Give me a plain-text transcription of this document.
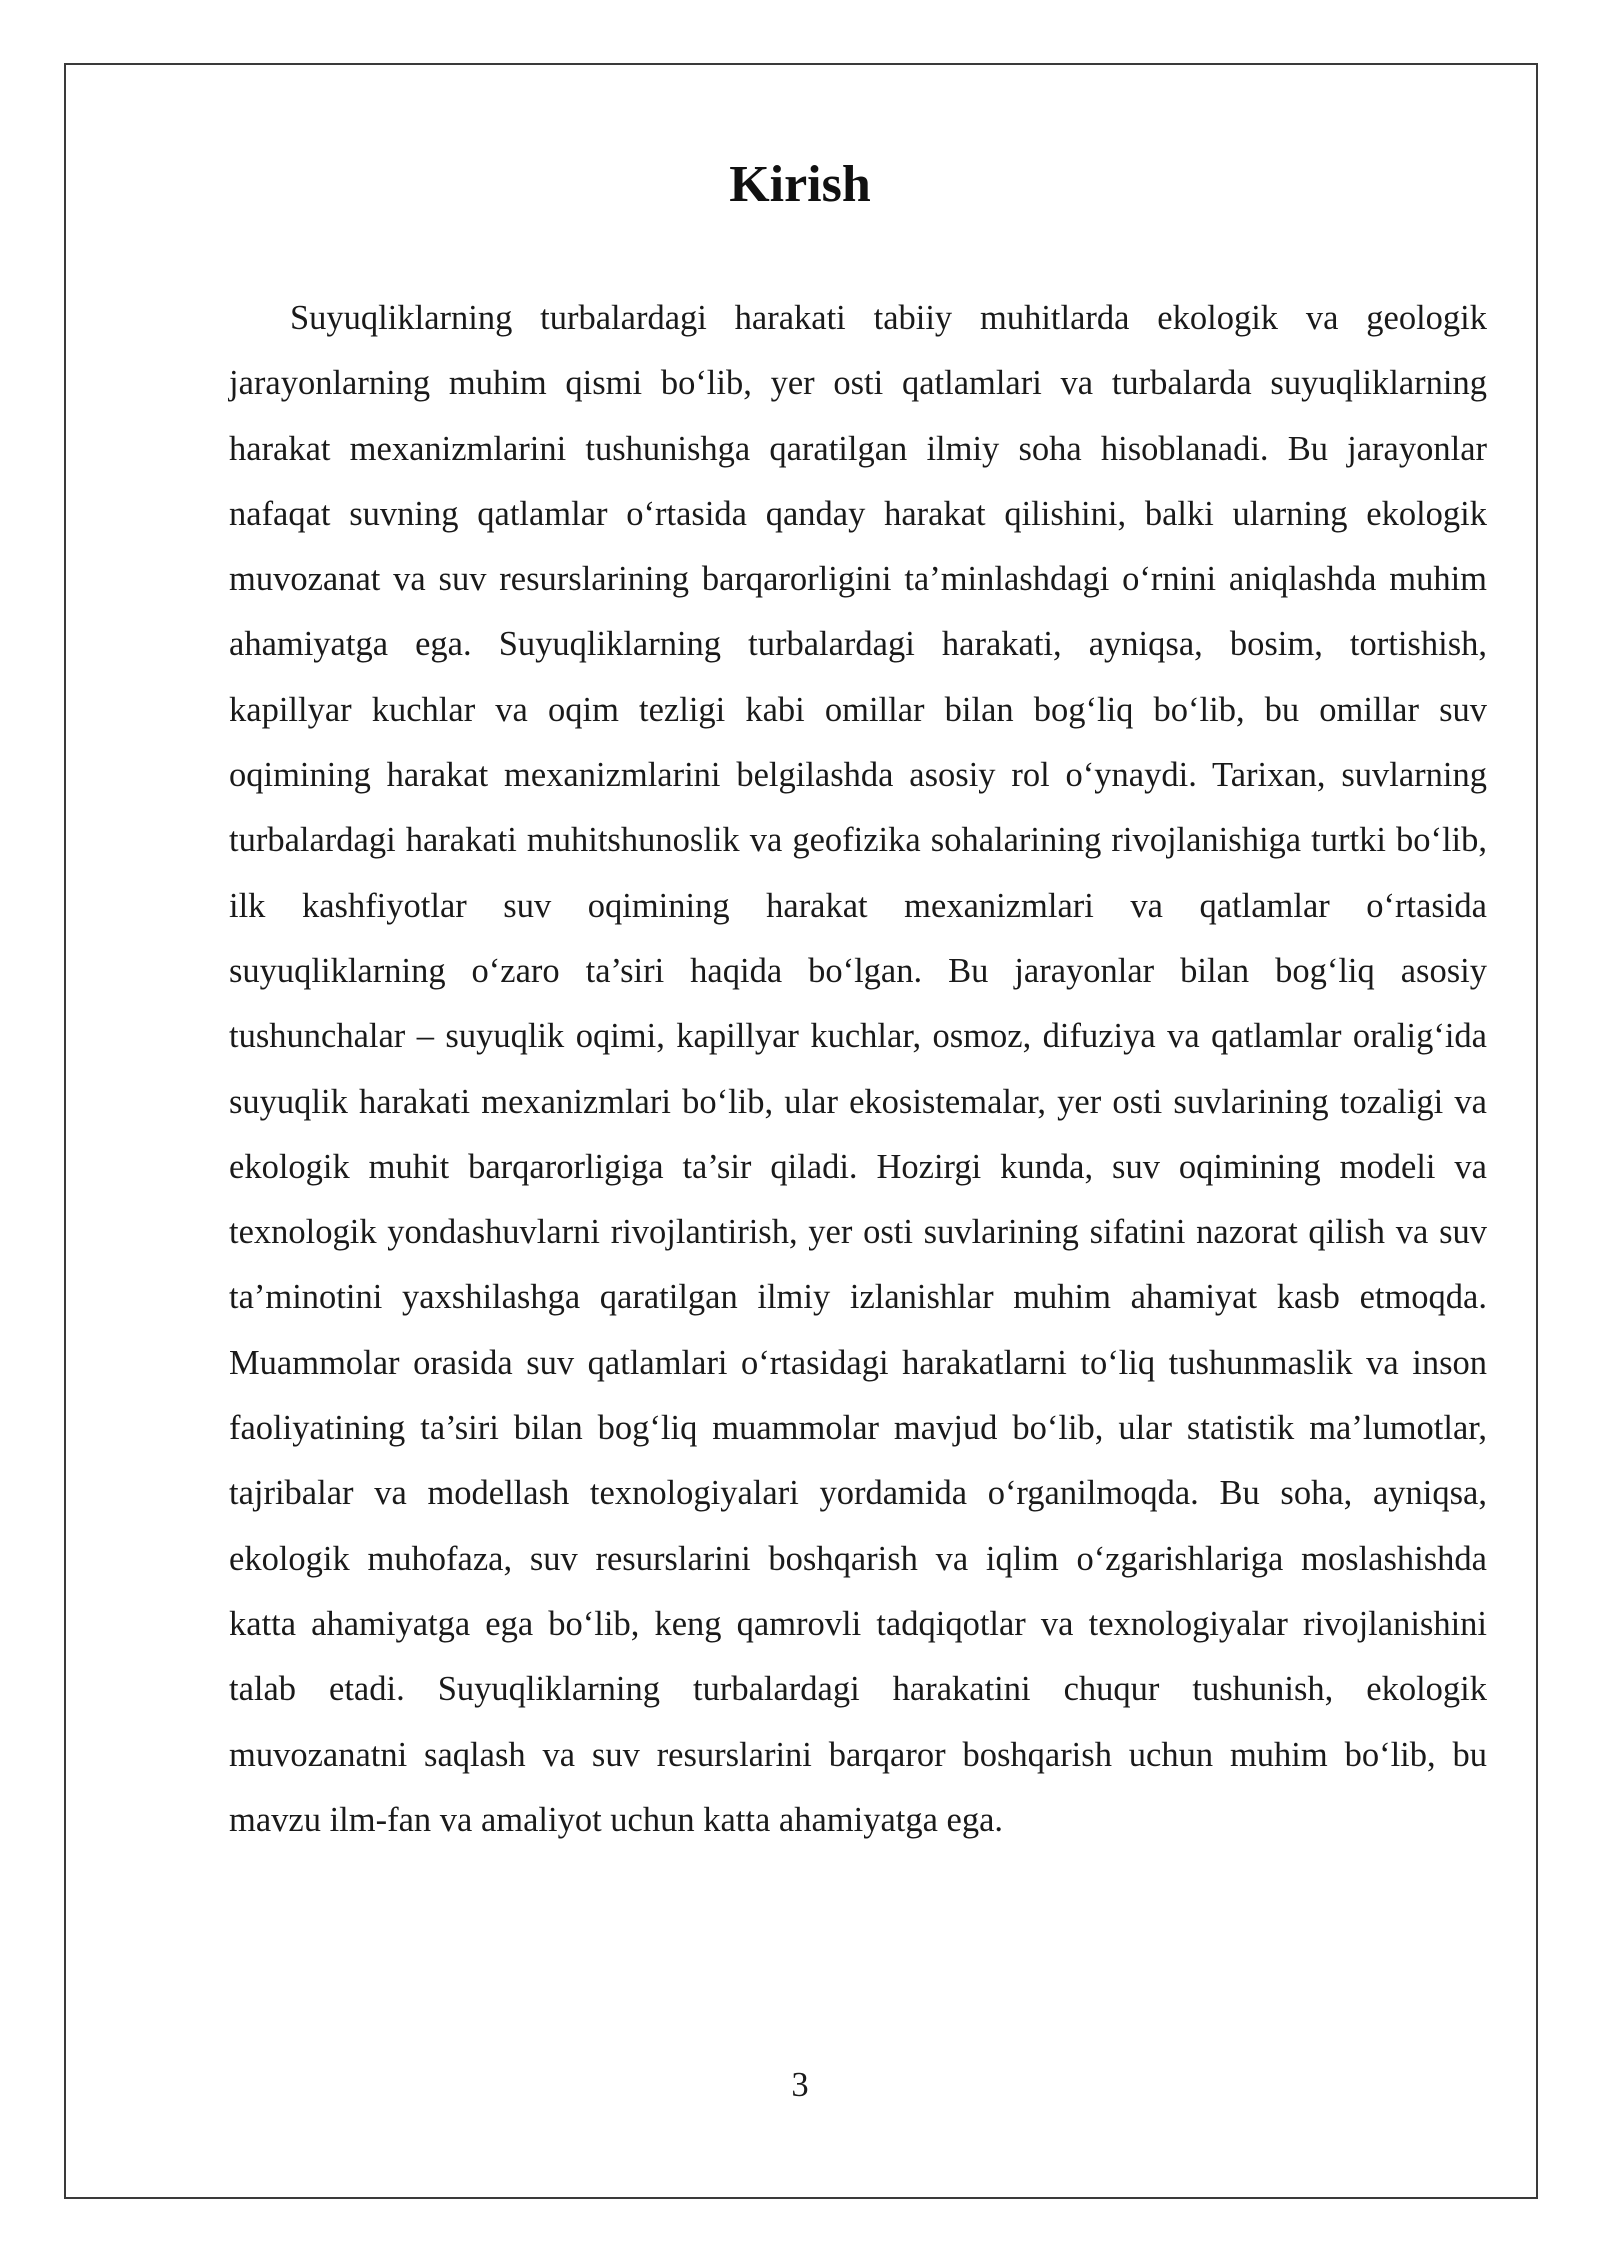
Kirish

Suyuqliklarning turbalardagi harakati tabiiy muhitlarda ekologik va geologik jarayonlarning muhim qismi bo‘lib, yer osti qatlamlari va turbalarda suyuqliklarning harakat mexanizmlarini tushunishga qaratilgan ilmiy soha hisoblanadi. Bu jarayonlar nafaqat suvning qatlamlar o‘rtasida qanday harakat qilishini, balki ularning ekologik muvozanat va suv resurslarining barqarorligini ta’minlashdagi o‘rnini aniqlashda muhim ahamiyatga ega. Suyuqliklarning turbalardagi harakati, ayniqsa, bosim, tortishish, kapillyar kuchlar va oqim tezligi kabi omillar bilan bog‘liq bo‘lib, bu omillar suv oqimining harakat mexanizmlarini belgilashda asosiy rol o‘ynaydi. Tarixan, suvlarning turbalardagi harakati muhitshunoslik va geofizika sohalarining rivojlanishiga turtki bo‘lib, ilk kashfiyotlar suv oqimining harakat mexanizmlari va qatlamlar o‘rtasida suyuqliklarning o‘zaro ta’siri haqida bo‘lgan. Bu jarayonlar bilan bog‘liq asosiy tushunchalar – suyuqlik oqimi, kapillyar kuchlar, osmoz, difuziya va qatlamlar oralig‘ida suyuqlik harakati mexanizmlari bo‘lib, ular ekosistemalar, yer osti suvlarining tozaligi va ekologik muhit barqarorligiga ta’sir qiladi. Hozirgi kunda, suv oqimining modeli va texnologik yondashuvlarni rivojlantirish, yer osti suvlarining sifatini nazorat qilish va suv ta’minotini yaxshilashga qaratilgan ilmiy izlanishlar muhim ahamiyat kasb etmoqda. Muammolar orasida suv qatlamlari o‘rtasidagi harakatlarni to‘liq tushunmaslik va inson faoliyatining ta’siri bilan bog‘liq muammolar mavjud bo‘lib, ular statistik ma’lumotlar, tajribalar va modellash texnologiyalari yordamida o‘rganilmoqda. Bu soha, ayniqsa, ekologik muhofaza, suv resurslarini boshqarish va iqlim o‘zgarishlariga moslashishda katta ahamiyatga ega bo‘lib, keng qamrovli tadqiqotlar va texnologiyalar rivojlanishini talab etadi. Suyuqliklarning turbalardagi harakatini chuqur tushunish, ekologik muvozanatni saqlash va suv resurslarini barqaror boshqarish uchun muhim bo‘lib, bu mavzu ilm-fan va amaliyot uchun katta ahamiyatga ega.

3
